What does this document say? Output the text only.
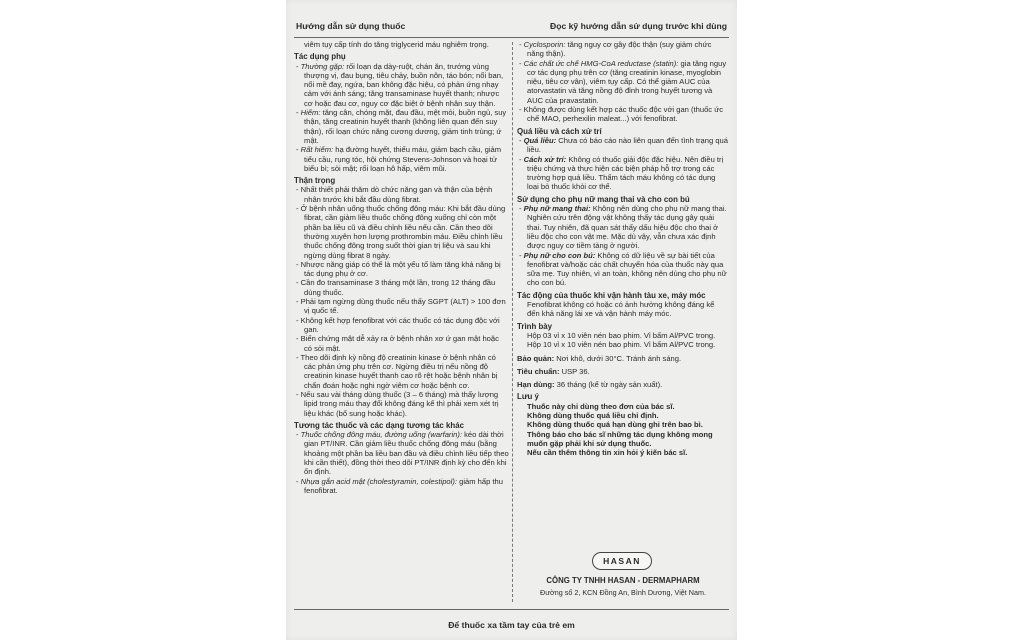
Hướng dẫn sử dụng thuốc	Đọc kỹ hướng dẫn sử dụng trước khi dùng

viêm tụy cấp tính do tăng triglycerid máu nghiêm trọng.

Tác dụng phụ

- Thường gặp: rối loạn dạ dày-ruột, chán ăn, trướng vùng thượng vị, đau bụng, tiêu chảy, buồn nôn, táo bón; nổi ban, nổi mề đay, ngứa, ban không đặc hiệu, có phản ứng nhạy cảm với ánh sáng; tăng transaminase huyết thanh; nhược cơ hoặc đau cơ, nguy cơ đặc biệt ở bệnh nhân suy thận.

- Hiếm: tăng cân, chóng mặt, đau đầu, mệt mỏi, buồn ngủ, suy thận, tăng creatinin huyết thanh (không liên quan đến suy thận), rối loạn chức năng cương dương, giảm tinh trùng; ứ mật.

- Rất hiếm: hạ đường huyết, thiếu máu, giảm bạch cầu, giảm tiểu cầu, rụng tóc, hội chứng Stevens-Johnson và hoại tử biểu bì; sỏi mật; rối loạn hô hấp, viêm mũi.

Thận trọng

- Nhất thiết phải thăm dò chức năng gan và thận của bệnh nhân trước khi bắt đầu dùng fibrat.

- Ở bệnh nhân uống thuốc chống đông máu: Khi bắt đầu dùng fibrat, cần giảm liều thuốc chống đông xuống chỉ còn một phần ba liều cũ và điều chỉnh liều nếu cần. Cần theo dõi thường xuyên hơn lượng prothrombin máu. Điều chỉnh liều thuốc chống đông trong suốt thời gian trị liệu và sau khi ngừng dùng fibrat 8 ngày.

- Nhược năng giáp có thể là một yếu tố làm tăng khả năng bị tác dụng phụ ở cơ.

- Cần đo transaminase 3 tháng một lần, trong 12 tháng đầu dùng thuốc.

- Phải tạm ngừng dùng thuốc nếu thấy SGPT (ALT) > 100 đơn vị quốc tế.

- Không kết hợp fenofibrat với các thuốc có tác dụng độc với gan.

- Biến chứng mật dễ xảy ra ở bệnh nhân xơ ứ gan mật hoặc có sỏi mật.

- Theo dõi định kỳ nồng độ creatinin kinase ở bệnh nhân có các phản ứng phụ trên cơ. Ngừng điều trị nếu nồng độ creatinin kinase huyết thanh cao rõ rệt hoặc bệnh nhân bị chẩn đoán hoặc nghi ngờ viêm cơ hoặc bệnh cơ.

- Nếu sau vài tháng dùng thuốc (3 – 6 tháng) mà thấy lượng lipid trong máu thay đổi không đáng kể thì phải xem xét trị liệu khác (bổ sung hoặc khác).

Tương tác thuốc và các dạng tương tác khác

- Thuốc chống đông máu, đường uống (warfarin): kéo dài thời gian PT/INR. Cần giảm liều thuốc chống đông máu (bằng khoảng một phần ba liều ban đầu và điều chỉnh liều tiếp theo khi cần thiết), đồng thời theo dõi PT/INR định kỳ cho đến khi ổn định.

- Nhựa gắn acid mật (cholestyramin, colestipol): giảm hấp thu fenofibrat.

- Cyclosporin: tăng nguy cơ gây độc thận (suy giảm chức năng thận).

- Các chất ức chế HMG-CoA reductase (statin): gia tăng nguy cơ tác dụng phụ trên cơ (tăng creatinin kinase, myoglobin niệu, tiêu cơ vân), viêm tụy cấp. Có thể giảm AUC của atorvastatin và tăng nồng độ đỉnh trong huyết tương và AUC của pravastatin.

- Không được dùng kết hợp các thuốc độc với gan (thuốc ức chế MAO, perhexilin maleat...) với fenofibrat.

Quá liều và cách xử trí

- Quá liều: Chưa có báo cáo nào liên quan đến tình trạng quá liều.

- Cách xử trí: Không có thuốc giải độc đặc hiệu. Nên điều trị triệu chứng và thực hiện các biện pháp hỗ trợ trong các trường hợp quá liều. Thẩm tách máu không có tác dụng loại bỏ thuốc khỏi cơ thể.

Sử dụng cho phụ nữ mang thai và cho con bú

- Phụ nữ mang thai: Không nên dùng cho phụ nữ mang thai. Nghiên cứu trên động vật không thấy tác dụng gây quái thai. Tuy nhiên, đã quan sát thấy dấu hiệu độc cho thai ở liều độc cho con vật mẹ. Mặc dù vậy, vẫn chưa xác định được nguy cơ tiềm tàng ở người.

- Phụ nữ cho con bú: Không có dữ liệu về sự bài tiết của fenofibrat và/hoặc các chất chuyển hóa của thuốc này qua sữa mẹ. Tuy nhiên, vì an toàn, không nên dùng cho phụ nữ cho con bú.

Tác động của thuốc khi vận hành tàu xe, máy móc

Fenofibrat không có hoặc có ảnh hưởng không đáng kể đến khả năng lái xe và vận hành máy móc.

Trình bày

Hộp 03 vỉ x 10 viên nén bao phim. Vỉ bấm Al/PVC trong.

Hộp 10 vỉ x 10 viên nén bao phim. Vỉ bấm Al/PVC trong.

Bảo quản: Nơi khô, dưới 30°C. Tránh ánh sáng.

Tiêu chuẩn: USP 36.

Hạn dùng: 36 tháng (kể từ ngày sản xuất).

Lưu ý

Thuốc này chỉ dùng theo đơn của bác sĩ.

Không dùng thuốc quá liều chỉ định.

Không dùng thuốc quá hạn dùng ghi trên bao bì.

Thông báo cho bác sĩ những tác dụng không mong muốn gặp phải khi sử dụng thuốc.

Nếu cần thêm thông tin xin hỏi ý kiến bác sĩ.

HASAN
CÔNG TY TNHH HASAN - DERMAPHARM
Đường số 2, KCN Đồng An, Bình Dương, Việt Nam.
Để thuốc xa tầm tay của trẻ em
